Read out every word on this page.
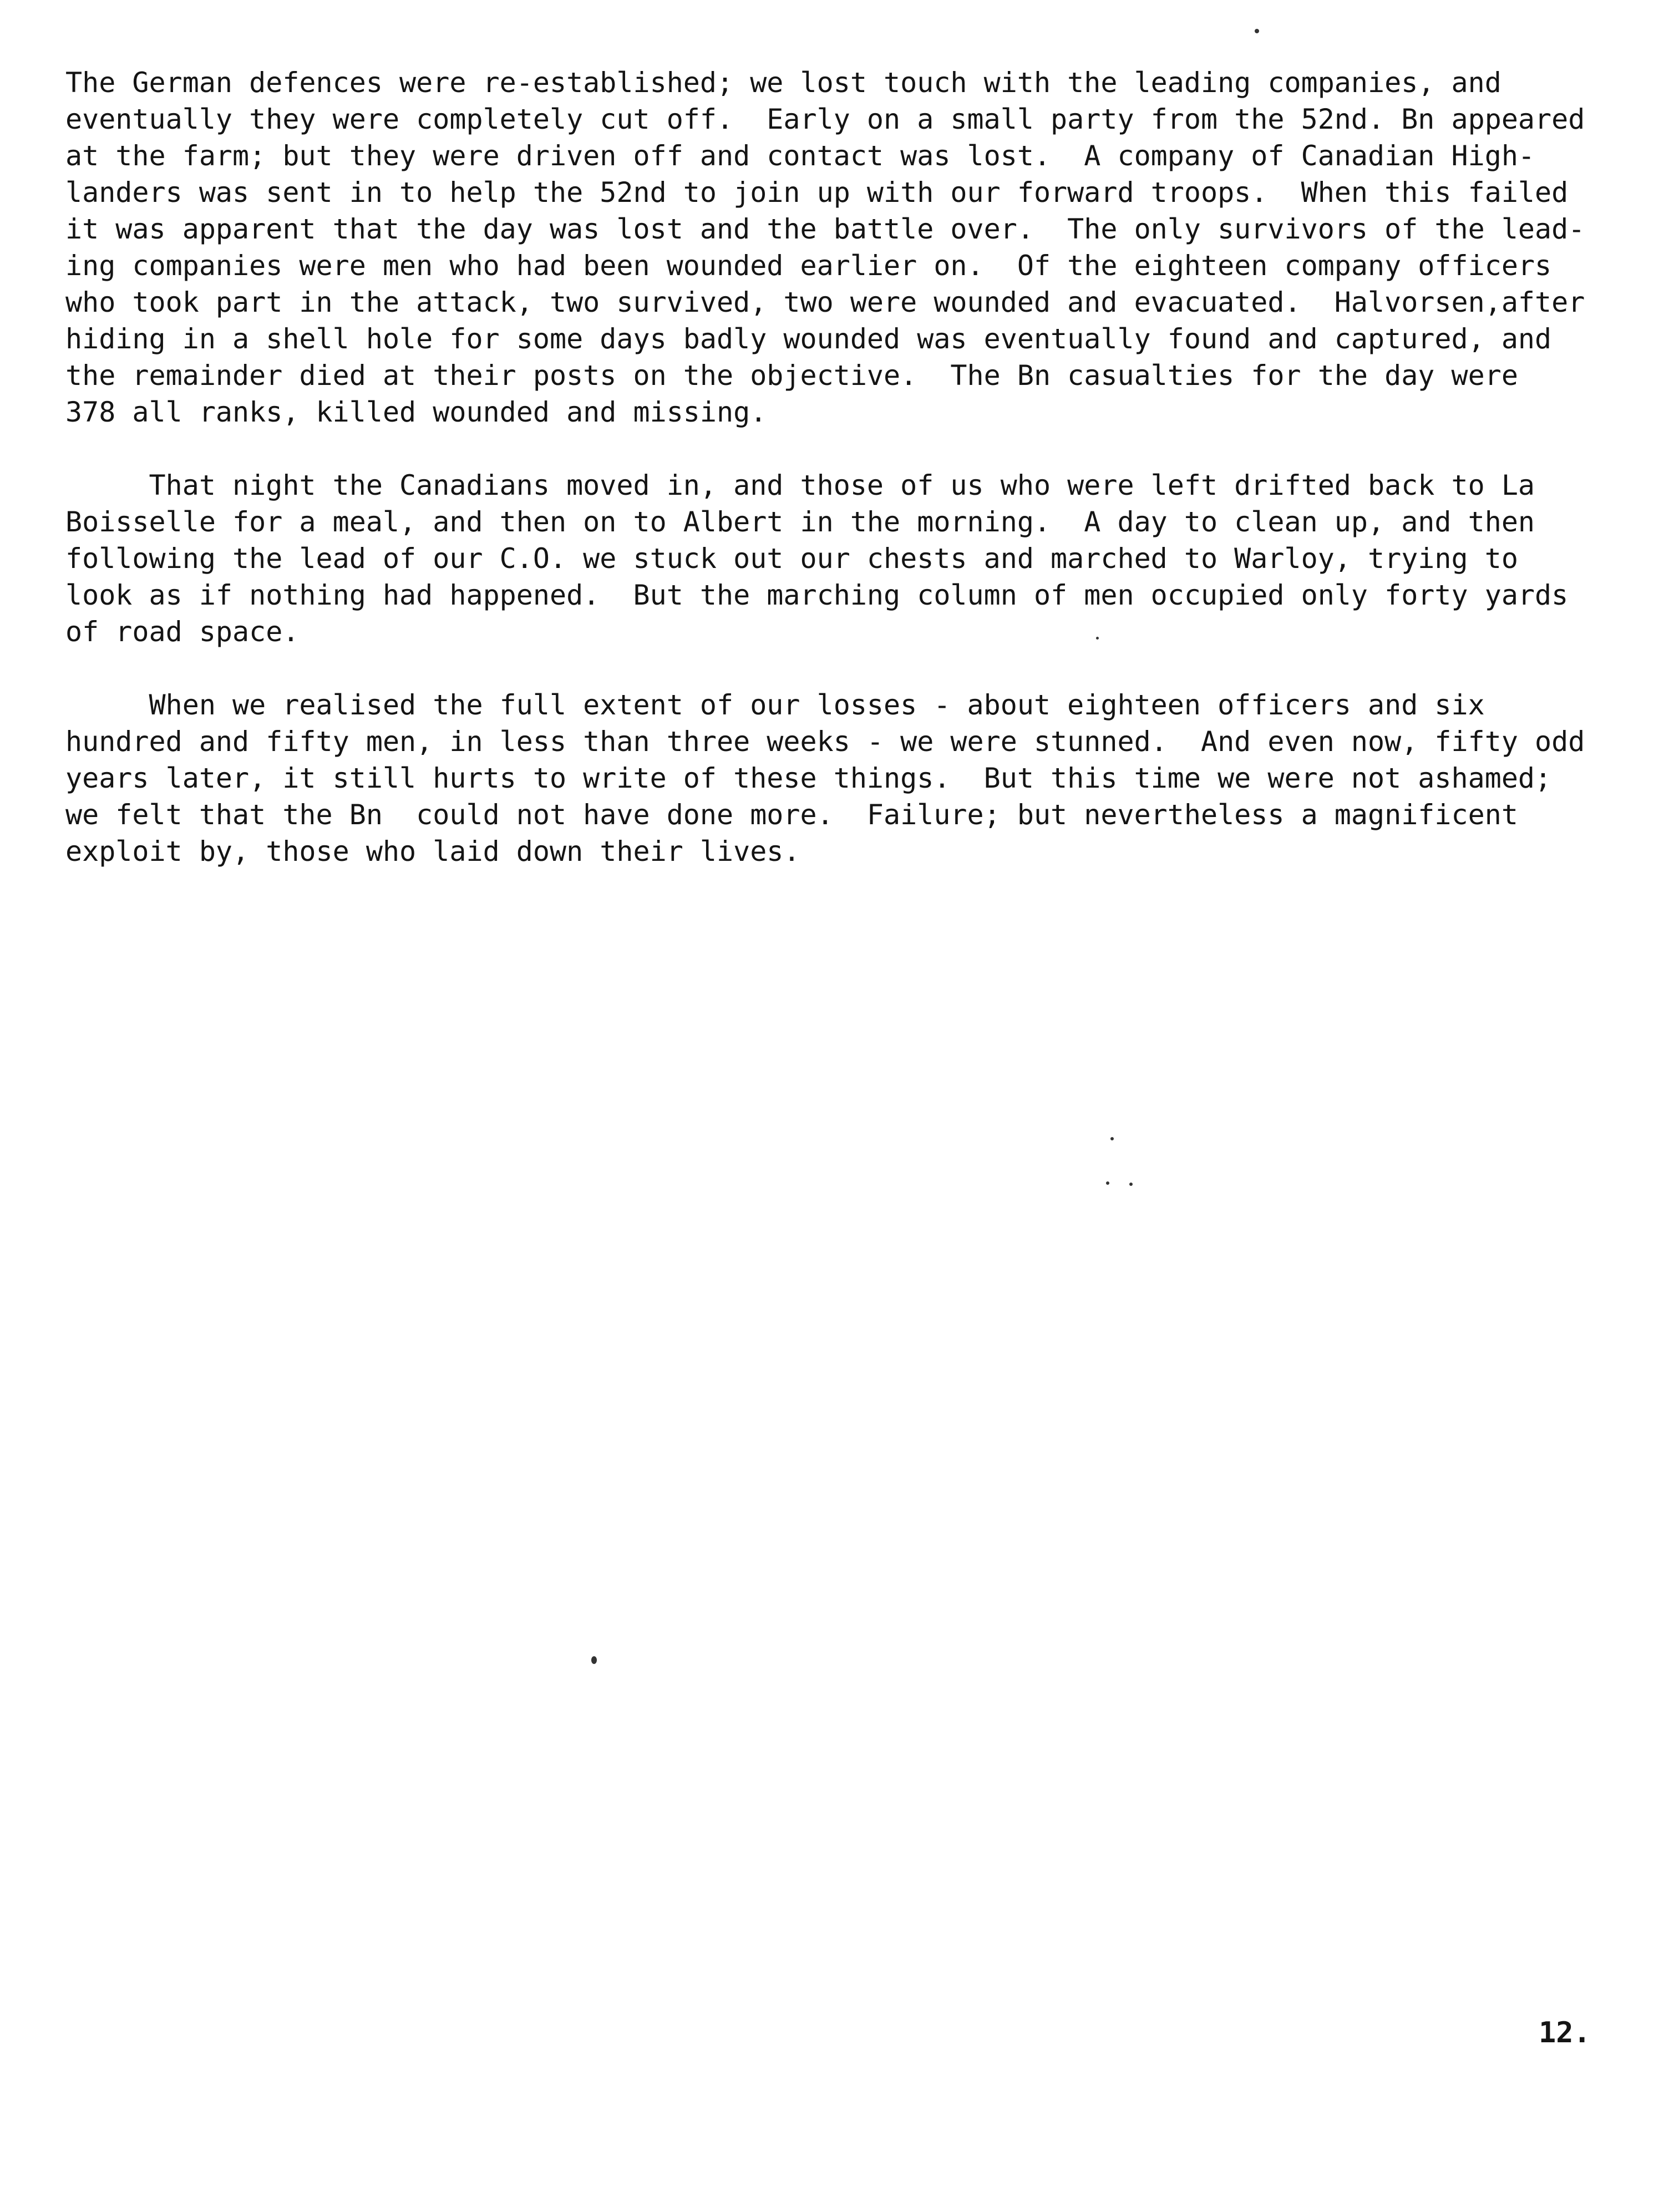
The German defences were re-established; we lost touch with the leading companies, and
eventually they were completely cut off.  Early on a small party from the 52nd. Bn appeared
at the farm; but they were driven off and contact was lost.  A company of Canadian High-
landers was sent in to help the 52nd to join up with our forward troops.  When this failed
it was apparent that the day was lost and the battle over.  The only survivors of the lead-
ing companies were men who had been wounded earlier on.  Of the eighteen company officers
who took part in the attack, two survived, two were wounded and evacuated.  Halvorsen,after
hiding in a shell hole for some days badly wounded was eventually found and captured, and
the remainder died at their posts on the objective.  The Bn casualties for the day were
378 all ranks, killed wounded and missing.
That night the Canadians moved in, and those of us who were left drifted back to La
Boisselle for a meal, and then on to Albert in the morning.  A day to clean up, and then
following the lead of our C.O. we stuck out our chests and marched to Warloy, trying to
look as if nothing had happened.  But the marching column of men occupied only forty yards
of road space.
When we realised the full extent of our losses - about eighteen officers and six
hundred and fifty men, in less than three weeks - we were stunned.  And even now, fifty odd
years later, it still hurts to write of these things.  But this time we were not ashamed;
we felt that the Bn  could not have done more.  Failure; but nevertheless a magnificent
exploit by, those who laid down their lives.
12.
